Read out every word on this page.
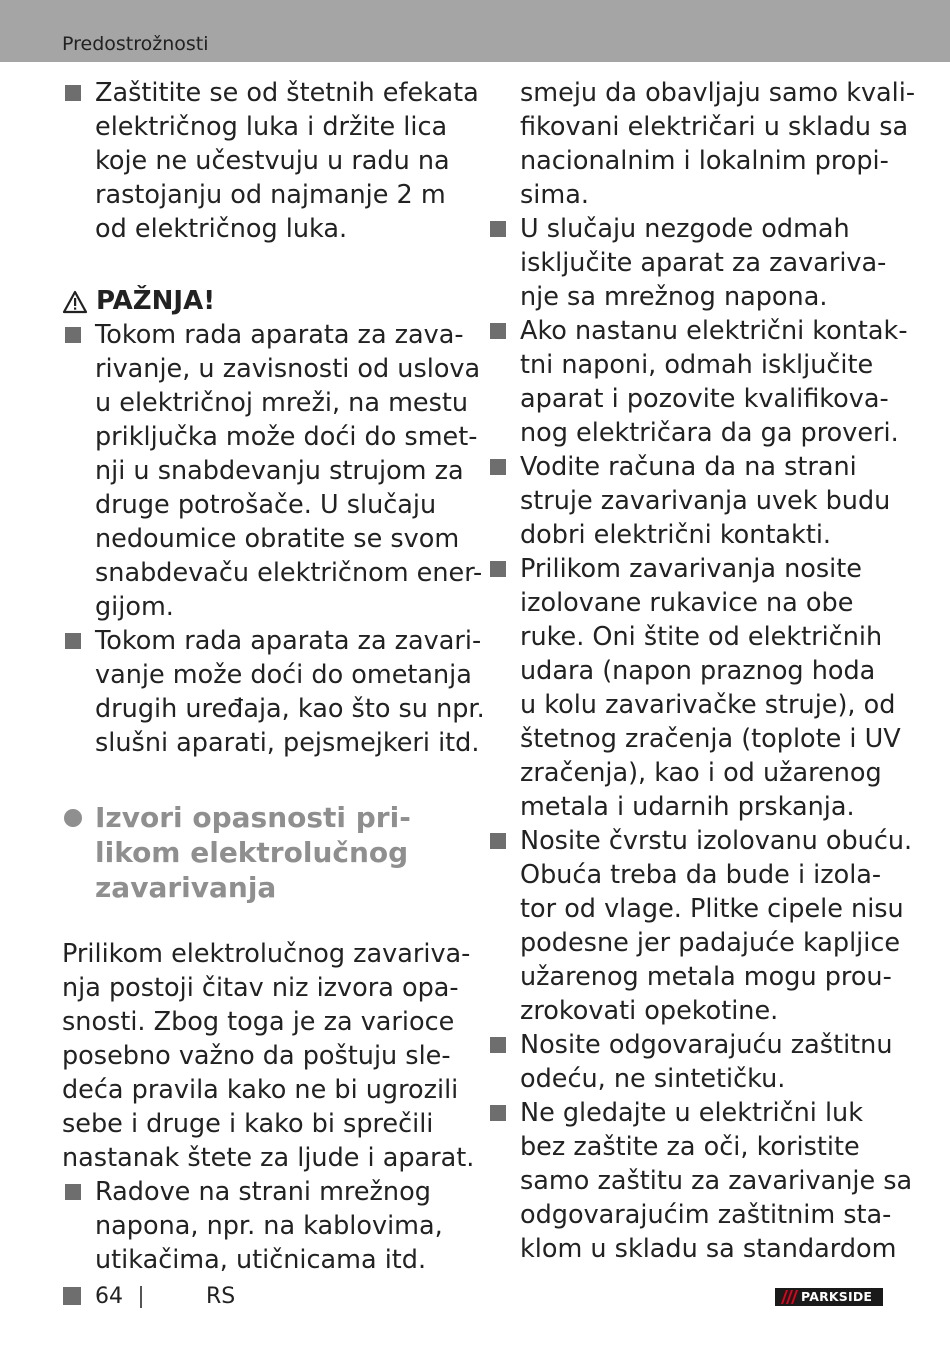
Predostrožnosti
Zaštitite se od štetnih efekata
električnog luka i držite lica
koje ne učestvuju u radu na
rastojanju od najmanje 2 m
od električnog luka.
PAŽNJA!
Tokom rada aparata za zava-
rivanje, u zavisnosti od uslova
u električnoj mreži, na mestu
priključka može doći do smet-
nji u snabdevanju strujom za
druge potrošače. U slučaju
nedoumice obratite se svom
snabdevaču električnom ener-
gijom.
Tokom rada aparata za zavari-
vanje može doći do ometanja
drugih uređaja, kao što su npr.
slušni aparati, pejsmejkeri itd.
Izvori opasnosti pri-
likom elektrolučnog
zavarivanja
Prilikom elektrolučnog zavariva-
nja postoji čitav niz izvora opa-
snosti. Zbog toga je za varioce
posebno važno da poštuju sle-
deća pravila kako ne bi ugrozili
sebe i druge i kako bi sprečili
nastanak štete za ljude i aparat.
Radove na strani mrežnog
napona, npr. na kablovima,
utikačima, utičnicama itd.
smeju da obavljaju samo kvali-
fikovani električari u skladu sa
nacionalnim i lokalnim propi-
sima.
U slučaju nezgode odmah
isključite aparat za zavariva-
nje sa mrežnog napona.
Ako nastanu električni kontak-
tni naponi, odmah isključite
aparat i pozovite kvalifikova-
nog električara da ga proveri.
Vodite računa da na strani
struje zavarivanja uvek budu
dobri električni kontakti.
Prilikom zavarivanja nosite
izolovane rukavice na obe
ruke. Oni štite od električnih
udara (napon praznog hoda
u kolu zavarivačke struje), od
štetnog zračenja (toplote i UV
zračenja), kao i od užarenog
metala i udarnih prskanja.
Nosite čvrstu izolovanu obuću.
Obuća treba da bude i izola-
tor od vlage. Plitke cipele nisu
podesne jer padajuće kapljice
užarenog metala mogu prou-
zrokovati opekotine.
Nosite odgovarajuću zaštitnu
odeću, ne sintetičku.
Ne gledajte u električni luk
bez zaštite za oči, koristite
samo zaštitu za zavarivanje sa
odgovarajućim zaštitnim sta-
klom u skladu sa standardom
64	RS	PARKSIDE
